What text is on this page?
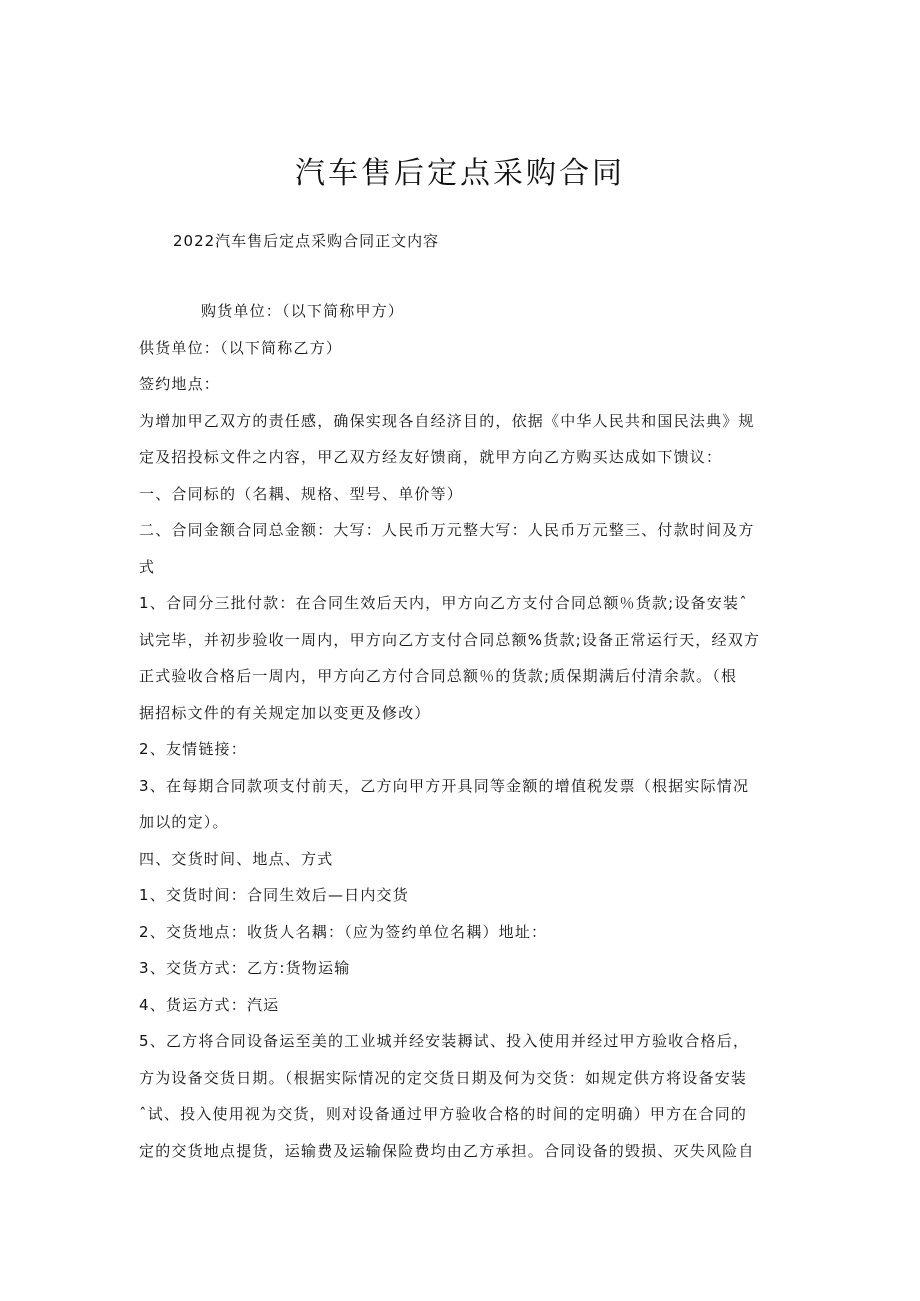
汽车售后定点采购合同

2022汽车售后定点采购合同正文内容

购货单位：（以下简称甲方）
供货单位：（以下简称乙方）
签约地点：
为增加甲乙双方的责任感，确保实现各自经济目的，依据《中华人民共和国民法典》规
定及招投标文件之内容，甲乙双方经友好馈商，就甲方向乙方购买达成如下馈议：
一、合同标的（名耦、规格、型号、单价等）
二、合同金额合同总金额：大写：人民币万元整大写：人民币万元整三、付款时间及方
式
1、合同分三批付款：在合同生效后天内，甲方向乙方支付合同总额％货款;设备安装ˆ
试完毕，并初步验收一周内，甲方向乙方支付合同总额%货款;设备正常运行天，经双方
正式验收合格后一周内，甲方向乙方付合同总额％的货款;质保期满后付清余款。（根
据招标文件的有关规定加以变更及修改）
2、友情链接：
3、在每期合同款项支付前天，乙方向甲方开具同等金额的增值税发票（根据实际情况
加以的定）。
四、交货时间、地点、方式
1、交货时间：合同生效后—日内交货
2、交货地点：收货人名耦：（应为签约单位名耦）地址：
3、交货方式：乙方:货物运输
4、货运方式：汽运
5、乙方将合同设备运至美的工业城并经安装耨试、投入使用并经过甲方验收合格后，
方为设备交货日期。（根据实际情况的定交货日期及何为交货：如规定供方将设备安装
ˆ试、投入使用视为交货，则对设备通过甲方验收合格的时间的定明确）甲方在合同的
定的交货地点提货，运输费及运输保险费均由乙方承担。合同设备的毁损、灭失风险自
